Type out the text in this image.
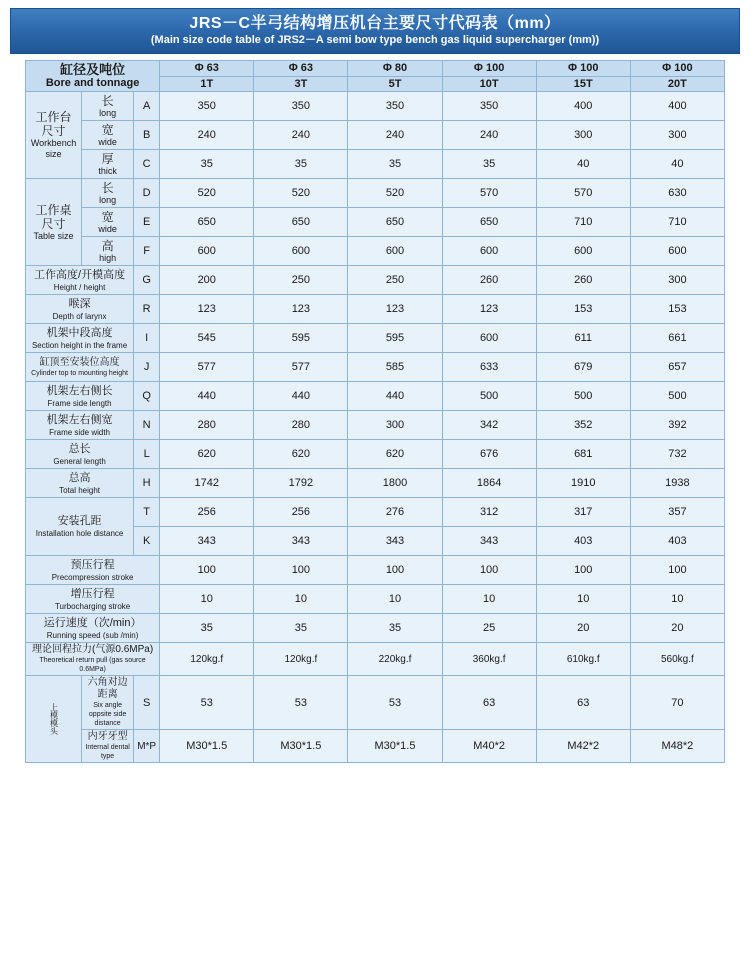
JRS－C半弓结构增压机台主要尺寸代码表（mm）
(Main size code table of JRS2－A semi bow type bench gas liquid supercharger (mm))
缸径及吨位
Bore and tonnage			Φ 63	Φ 63	Φ 80	Φ 100	Φ 100	Φ 100
			1T	3T	5T	10T	15T	20T

工作台
尺寸
Workbench
size	长
long	A	350	350	350	350	400	400

	宽
wide	B	240	240	240	240	300	300

	厚
thick	C	35	35	35	35	40	40

工作桌
尺寸
Table size	长
long	D	520	520	520	570	570	630

	宽
wide	E	650	650	650	650	710	710

	高
high	F	600	600	600	600	600	600

工作高度/开模高度
Height / height		G	200	250	250	260	260	300

喉深
Depth of larynx		R	123	123	123	123	153	153

机架中段高度
Section height in the frame		I	545	595	595	600	611	661

缸顶至安装位高度
Cylinder top to mounting height		J	577	577	585	633	679	657

机架左右侧长
Frame side length		Q	440	440	440	500	500	500

机架左右侧宽
Frame side width		N	280	280	300	342	352	392

总长
General length		L	620	620	620	676	681	732

总高
Total height		H	1742	1792	1800	1864	1910	1938

安装孔距
Installation hole distance		T	256	256	276	312	317	357
		K	343	343	343	343	403	403

预压行程
Precompression stroke			100	100	100	100	100	100

增压行程
Turbocharging stroke			10	10	10	10	10	10

运行速度（次/min）
Running speed (sub /min)			35	35	35	25	20	20

理论回程拉力(气源0.6MPa)
Theoretical return pull (gas source 0.6MPa)			120kg.f	120kg.f	220kg.f	360kg.f	610kg.f	560kg.f

上模模头	六角对边距离
Six angle oppsite side distance	S	53	53	53	63	63	70

	内牙牙型
Internal dental type	M*P	M30*1.5	M30*1.5	M30*1.5	M40*2	M42*2	M48*2
